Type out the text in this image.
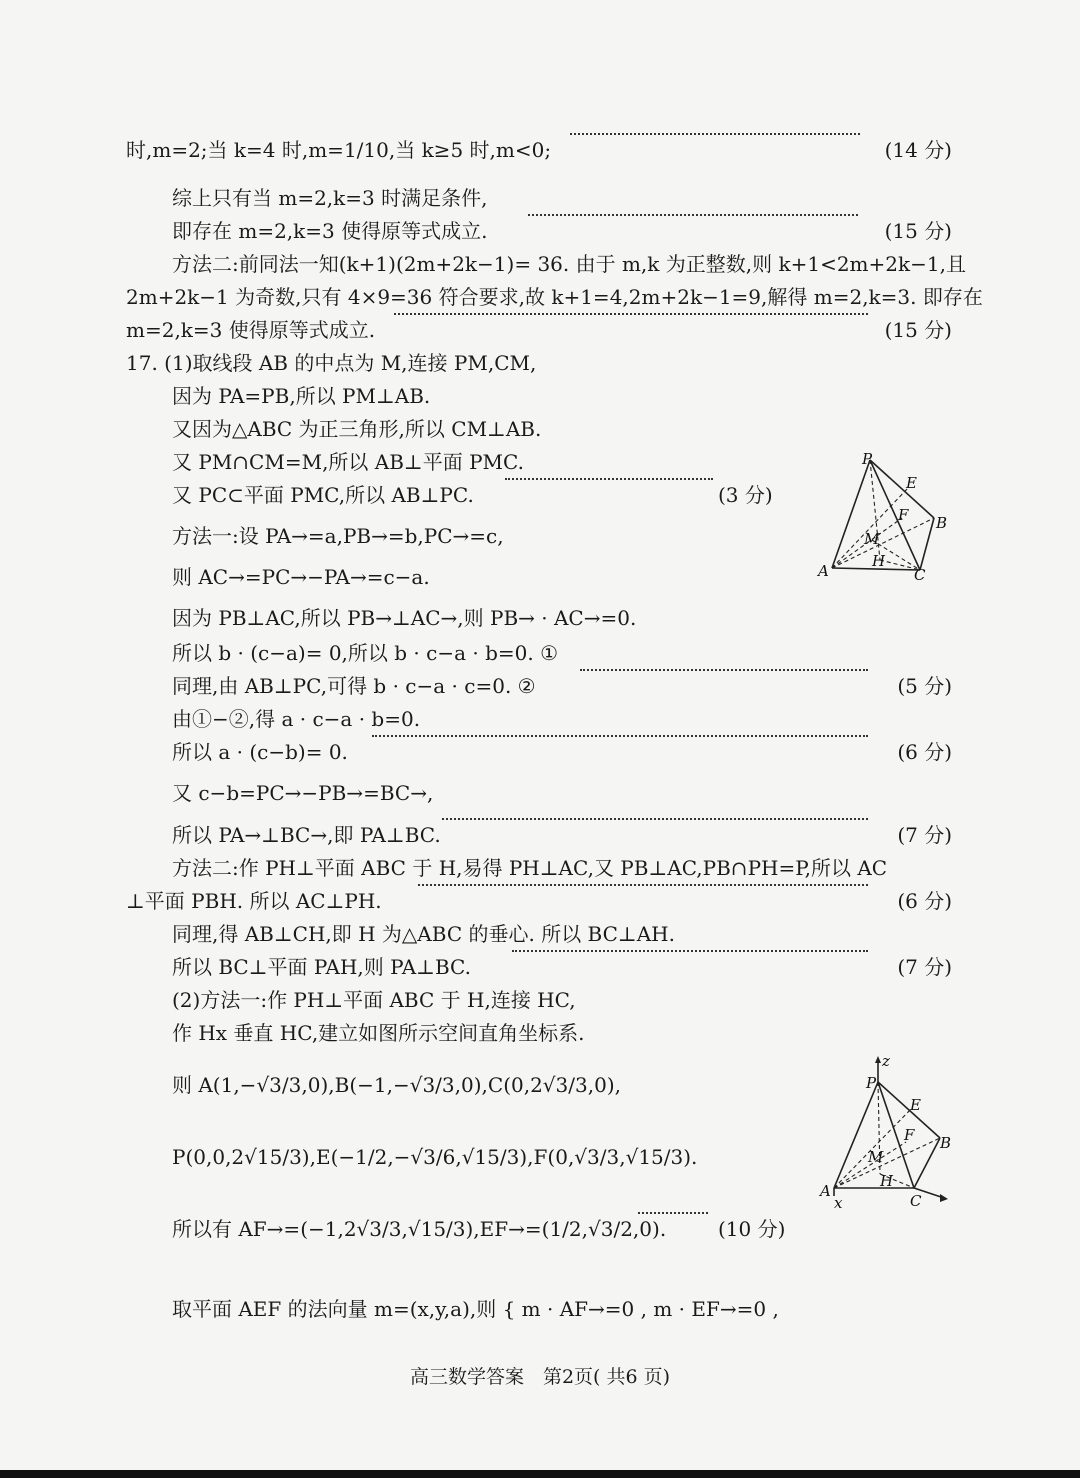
时,m=2;当 k=4 时,m=1/10,当 k≥5 时,m<0;	(14 分)
综上只有当 m=2,k=3 时满足条件,
即存在 m=2,k=3 使得原等式成立.	(15 分)
方法二:前同法一知(k+1)(2m+2k−1)= 36. 由于 m,k 为正整数,则 k+1<2m+2k−1,且
2m+2k−1 为奇数,只有 4×9=36 符合要求,故 k+1=4,2m+2k−1=9,解得 m=2,k=3. 即存在
m=2,k=3 使得原等式成立.	(15 分)
17. (1)取线段 AB 的中点为 M,连接 PM,CM,
因为 PA=PB,所以 PM⊥AB.
又因为△ABC 为正三角形,所以 CM⊥AB.
又 PM∩CM=M,所以 AB⊥平面 PMC.
又 PC⊂平面 PMC,所以 AB⊥PC.	(3 分)
方法一:设 PA→=a,PB→=b,PC→=c,
则 AC→=PC→−PA→=c−a.
因为 PB⊥AC,所以 PB→⊥AC→,则 PB→ · AC→=0.
所以 b · (c−a)= 0,所以 b · c−a · b=0. ①
同理,由 AB⊥PC,可得 b · c−a · c=0. ②	(5 分)
由①−②,得 a · c−a · b=0.
所以 a · (c−b)= 0.	(6 分)
又 c−b=PC→−PB→=BC→,
所以 PA→⊥BC→,即 PA⊥BC.	(7 分)
方法二:作 PH⊥平面 ABC 于 H,易得 PH⊥AC,又 PB⊥AC,PB∩PH=P,所以 AC
⊥平面 PBH. 所以 AC⊥PH.	(6 分)
同理,得 AB⊥CH,即 H 为△ABC 的垂心. 所以 BC⊥AH.
所以 BC⊥平面 PAH,则 PA⊥BC.	(7 分)
(2)方法一:作 PH⊥平面 ABC 于 H,连接 HC,
作 Hx 垂直 HC,建立如图所示空间直角坐标系.
则 A(1,−√3/3,0),B(−1,−√3/3,0),C(0,2√3/3,0),
P(0,0,2√15/3),E(−1/2,−√3/6,√15/3),F(0,√3/3,√15/3).
所以有 AF→=(−1,2√3/3,√15/3),EF→=(1/2,√3/2,0).	(10 分)
取平面 AEF 的法向量 m=(x,y,a),则 { m · AF→=0 , m · EF→=0 ,
P
E
F B
M
H
A	C
z
P
E
F B
M
H
A
x	C
高三数学答案　第2页( 共6 页)
